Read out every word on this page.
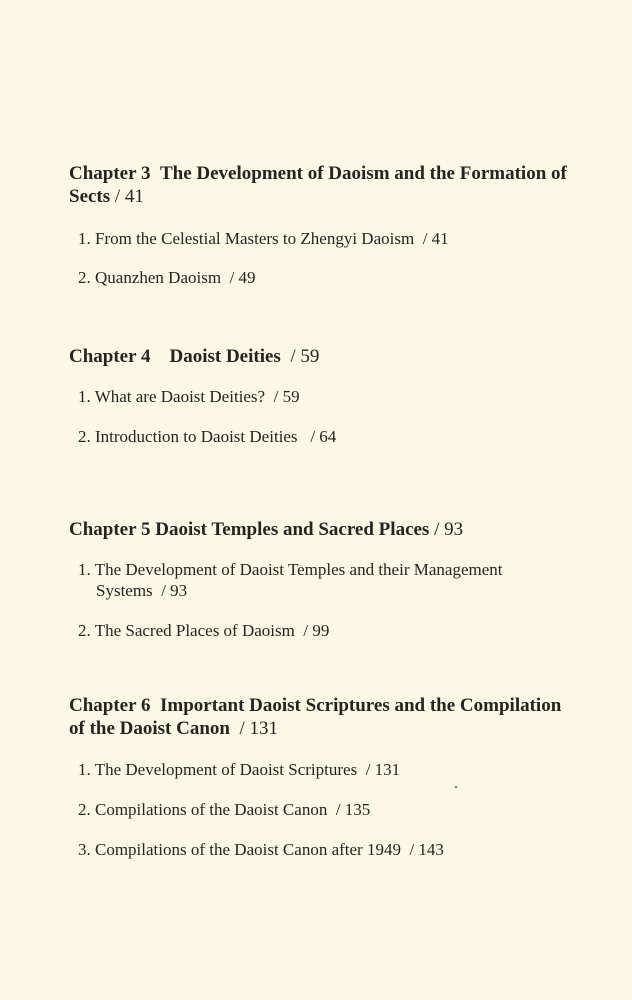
Chapter 3 The Development of Daoism and the Formation of
Sects / 41
1. From the Celestial Masters to Zhengyi Daoism / 41
2. Quanzhen Daoism / 49
Chapter 4 Daoist Deities / 59
1. What are Daoist Deities? / 59
2. Introduction to Daoist Deities / 64
Chapter 5 Daoist Temples and Sacred Places / 93
1. The Development of Daoist Temples and their Management
Systems / 93
2. The Sacred Places of Daoism / 99
Chapter 6 Important Daoist Scriptures and the Compilation
of the Daoist Canon / 131
1. The Development of Daoist Scriptures / 131
2. Compilations of the Daoist Canon / 135
3. Compilations of the Daoist Canon after 1949 / 143
